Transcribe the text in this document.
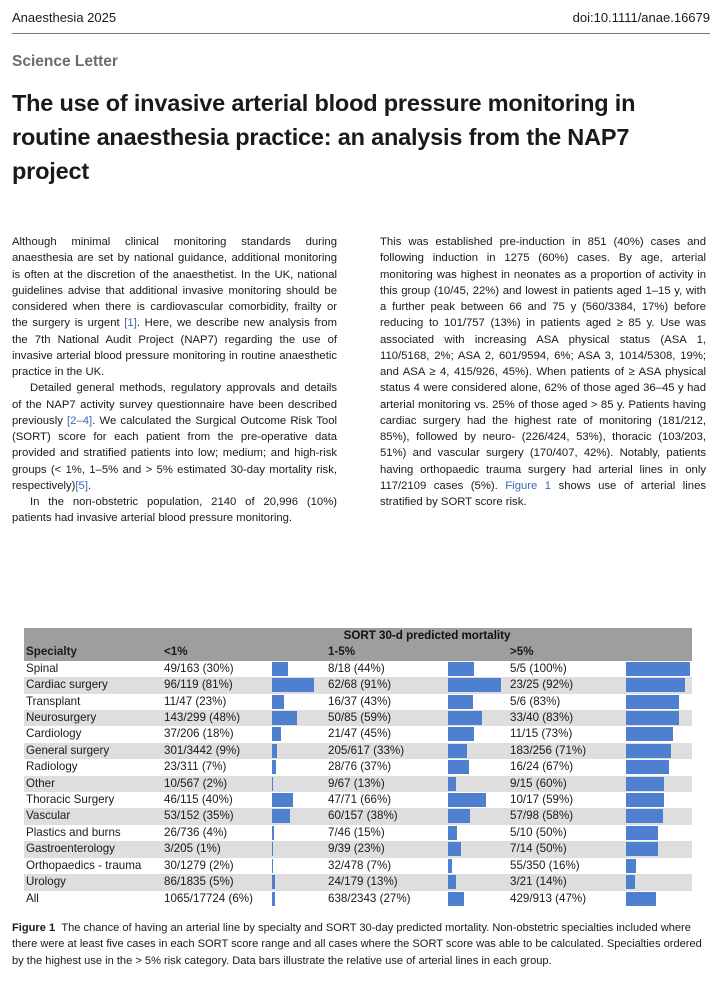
Anaesthesia 2025	doi:10.1111/anae.16679
Science Letter
The use of invasive arterial blood pressure monitoring in routine anaesthesia practice: an analysis from the NAP7 project

Although minimal clinical monitoring standards during anaesthesia are set by national guidance, additional monitoring is often at the discretion of the anaesthetist. In the UK, national guidelines advise that additional invasive monitoring should be considered when there is cardiovascular comorbidity, frailty or the surgery is urgent [1]. Here, we describe new analysis from the 7th National Audit Project (NAP7) regarding the use of invasive arterial blood pressure monitoring in routine anaesthetic practice in the UK.

Detailed general methods, regulatory approvals and details of the NAP7 activity survey questionnaire have been described previously [2–4]. We calculated the Surgical Outcome Risk Tool (SORT) score for each patient from the pre-operative data provided and stratified patients into low; medium; and high-risk groups (< 1%, 1–5% and > 5% estimated 30-day mortality risk, respectively)[5].

In the non-obstetric population, 2140 of 20,996 (10%) patients had invasive arterial blood pressure monitoring.

This was established pre-induction in 851 (40%) cases and following induction in 1275 (60%) cases. By age, arterial monitoring was highest in neonates as a proportion of activity in this group (10/45, 22%) and lowest in patients aged 1–15 y, with a further peak between 66 and 75 y (560/3384, 17%) before reducing to 101/757 (13%) in patients aged ≥ 85 y. Use was associated with increasing ASA physical status (ASA 1, 110/5168, 2%; ASA 2, 601/9594, 6%; ASA 3, 1014/5308, 19%; and ASA ≥ 4, 415/926, 45%). When patients of ≥ ASA physical status 4 were considered alone, 62% of those aged 36–45 y had arterial monitoring vs. 25% of those aged > 85 y. Patients having cardiac surgery had the highest rate of monitoring (181/212, 85%), followed by neuro- (226/424, 53%), thoracic (103/203, 51%) and vascular surgery (170/407, 42%). Notably, patients having orthopaedic trauma surgery had arterial lines in only 117/2109 cases (5%). Figure 1 shows use of arterial lines stratified by SORT score risk.

	SORT 30-d predicted mortality					
Specialty	<1%		1-5%		>5%	
Spinal	49/163 (30%)		8/18 (44%)		5/5 (100%)	

Cardiac surgery	96/119 (81%)		62/68 (91%)		23/25 (92%)	

Transplant	11/47 (23%)		16/37 (43%)		5/6 (83%)	

Neurosurgery	143/299 (48%)		50/85 (59%)		33/40 (83%)	

Cardiology	37/206 (18%)		21/47 (45%)		11/15 (73%)	

General surgery	301/3442 (9%)		205/617 (33%)		183/256 (71%)	

Radiology	23/311 (7%)		28/76 (37%)		16/24 (67%)	

Other	10/567 (2%)		9/67 (13%)		9/15 (60%)	

Thoracic Surgery	46/115 (40%)		47/71 (66%)		10/17 (59%)	

Vascular	53/152 (35%)		60/157 (38%)		57/98 (58%)	

Plastics and burns	26/736 (4%)		7/46 (15%)		5/10 (50%)	

Gastroenterology	3/205 (1%)		9/39 (23%)		7/14 (50%)	

Orthopaedics - trauma	30/1279 (2%)		32/478 (7%)		55/350 (16%)	

Urology	86/1835 (5%)		24/179 (13%)		3/21 (14%)	

All	1065/17724 (6%)		638/2343 (27%)		429/913 (47%)	
Figure 1 The chance of having an arterial line by specialty and SORT 30-day predicted mortality. Non-obstetric specialties included where there were at least five cases in each SORT score range and all cases where the SORT score was able to be calculated. Specialties ordered by the highest use in the > 5% risk category. Data bars illustrate the relative use of arterial lines in each group.
